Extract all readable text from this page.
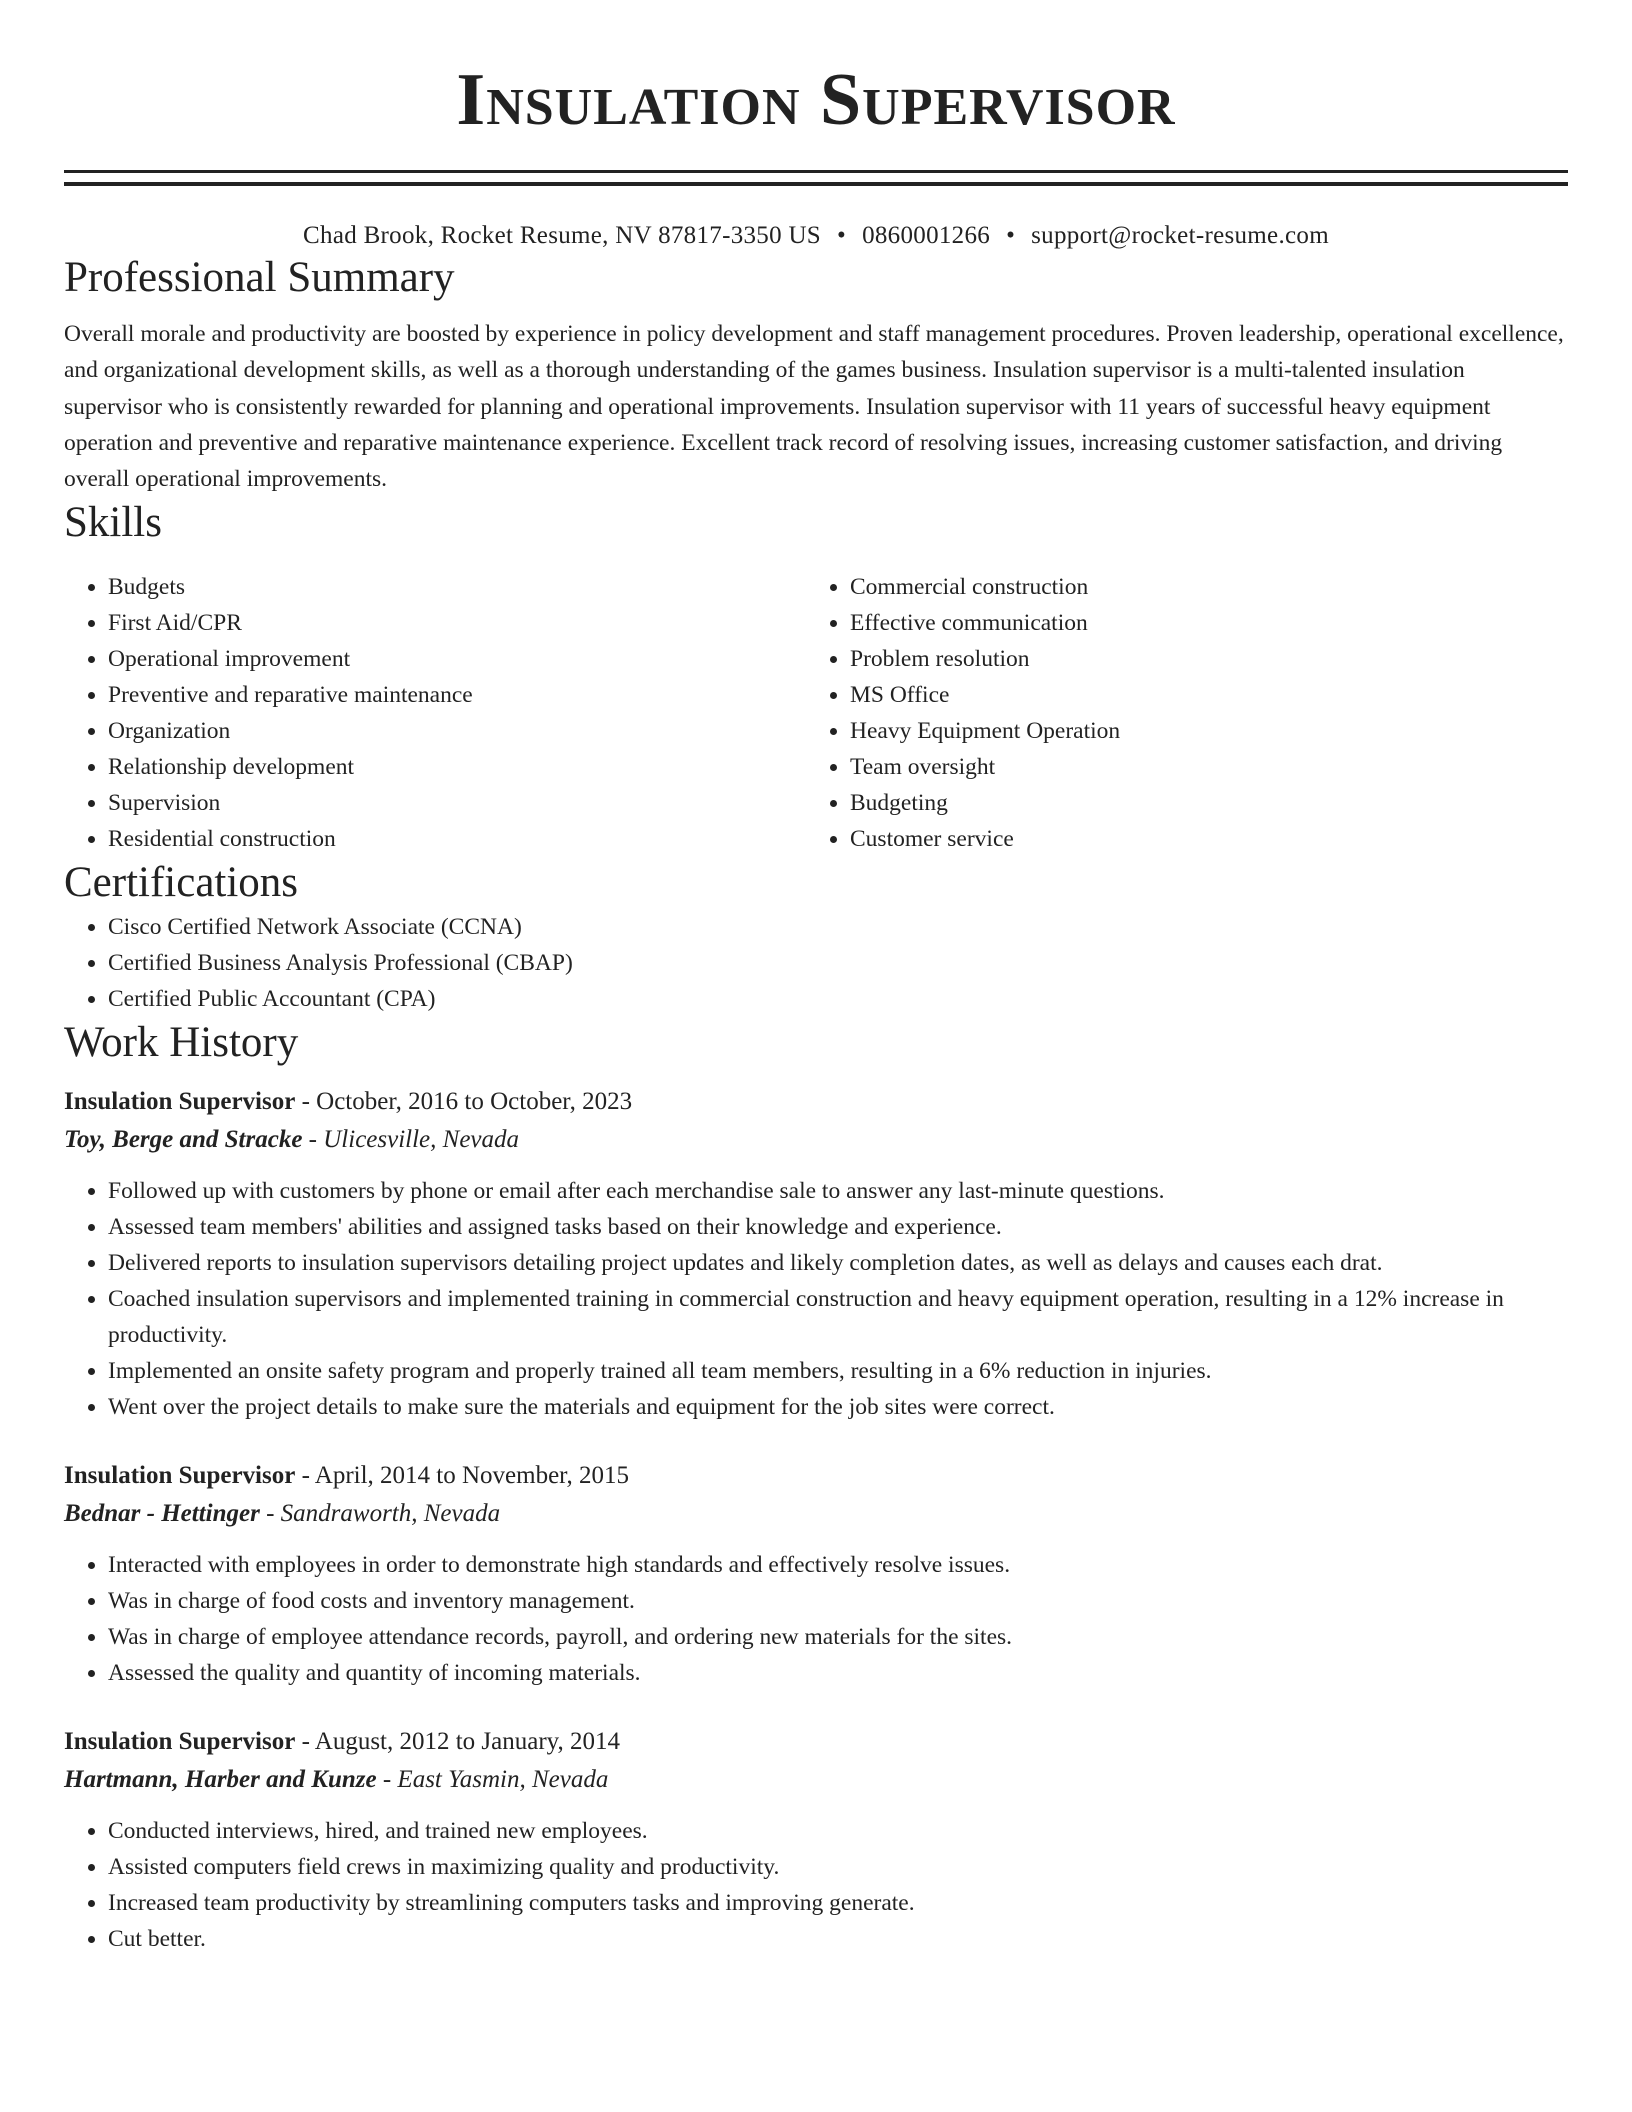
Insulation Supervisor
Chad Brook, Rocket Resume, NV 87817-3350 US • 0860001266 • support@rocket-resume.com
Professional Summary

Overall morale and productivity are boosted by experience in policy development and staff management procedures. Proven leadership, operational excellence, and organizational development skills, as well as a thorough understanding of the games business. Insulation supervisor is a multi-talented insulation supervisor who is consistently rewarded for planning and operational improvements. Insulation supervisor with 11 years of successful heavy equipment operation and preventive and reparative maintenance experience. Excellent track record of resolving issues, increasing customer satisfaction, and driving overall operational improvements.

Skills
• Budgets
• First Aid/CPR
• Operational improvement
• Preventive and reparative maintenance
• Organization
• Relationship development
• Supervision
• Residential construction
• Commercial construction
• Effective communication
• Problem resolution
• MS Office
• Heavy Equipment Operation
• Team oversight
• Budgeting
• Customer service
Certifications
• Cisco Certified Network Associate (CCNA)
• Certified Business Analysis Professional (CBAP)
• Certified Public Accountant (CPA)
Work History
Insulation Supervisor - October, 2016 to October, 2023
Toy, Berge and Stracke - Ulicesville, Nevada
• Followed up with customers by phone or email after each merchandise sale to answer any last-minute questions.
• Assessed team members' abilities and assigned tasks based on their knowledge and experience.
• Delivered reports to insulation supervisors detailing project updates and likely completion dates, as well as delays and causes each drat.
• Coached insulation supervisors and implemented training in commercial construction and heavy equipment operation, resulting in a 12% increase in productivity.
• Implemented an onsite safety program and properly trained all team members, resulting in a 6% reduction in injuries.
• Went over the project details to make sure the materials and equipment for the job sites were correct.
Insulation Supervisor - April, 2014 to November, 2015
Bednar - Hettinger - Sandraworth, Nevada
• Interacted with employees in order to demonstrate high standards and effectively resolve issues.
• Was in charge of food costs and inventory management.
• Was in charge of employee attendance records, payroll, and ordering new materials for the sites.
• Assessed the quality and quantity of incoming materials.
Insulation Supervisor - August, 2012 to January, 2014
Hartmann, Harber and Kunze - East Yasmin, Nevada
• Conducted interviews, hired, and trained new employees.
• Assisted computers field crews in maximizing quality and productivity.
• Increased team productivity by streamlining computers tasks and improving generate.
• Cut better.
